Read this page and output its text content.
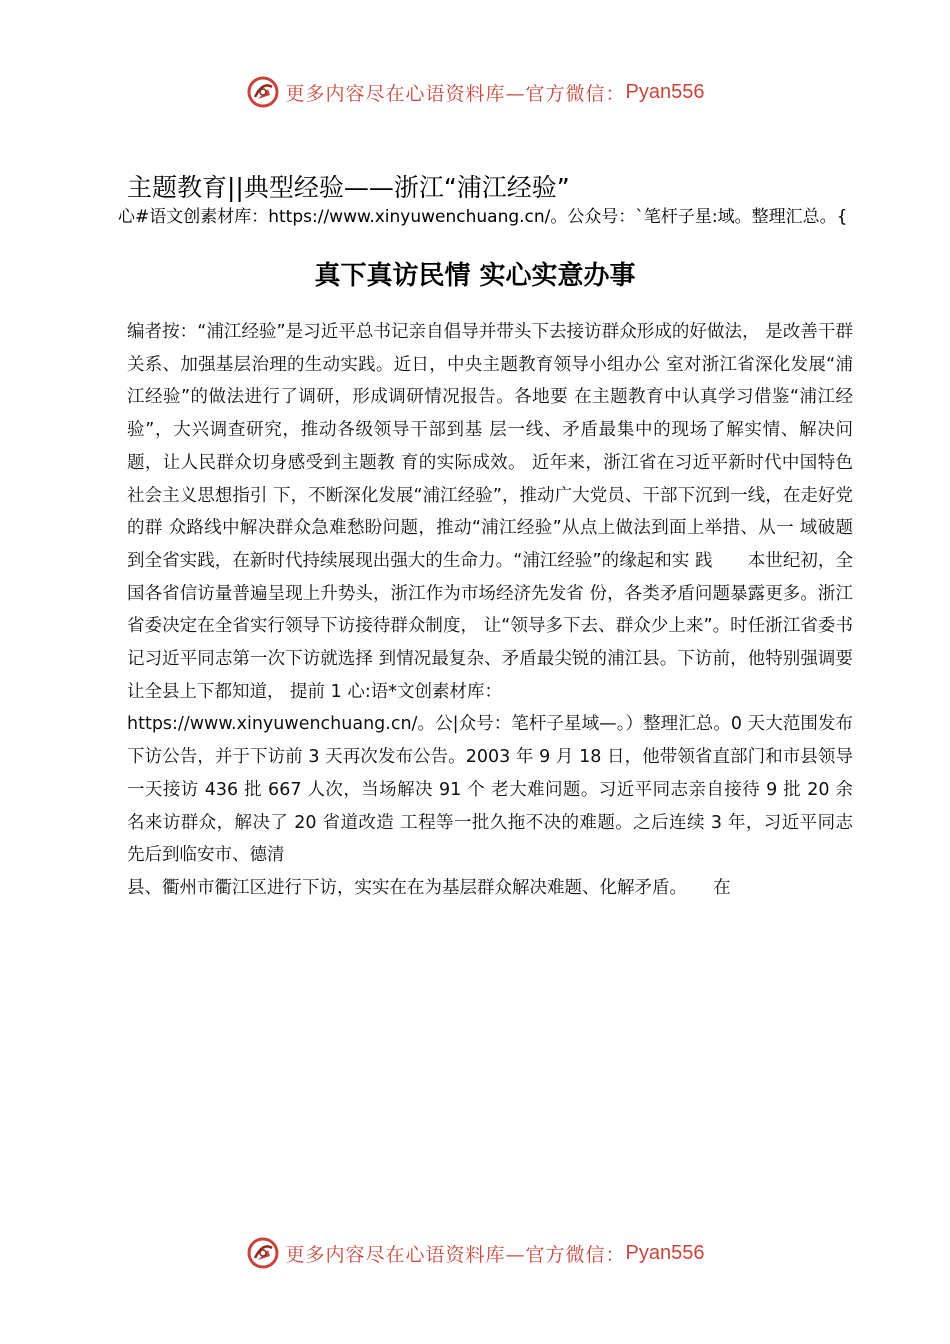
更多内容尽在心语资料库—官方微信： Pyan556
主题教育||典型经验——浙江“浦江经验”
心#语文创素材库：https://www.xinyuwenchuang.cn/。公众号：`笔杆子星:域。整理汇总。{
真下真访民情 实心实意办事

编者按：“浦江经验”是习近平总书记亲自倡导并带头下去接访群众形成的好做法， 是改善干群关系、加强基层治理的生动实践。近日，中央主题教育领导小组办公 室对浙江省深化发展“浦江经验”的做法进行了调研，形成调研情况报告。各地要 在主题教育中认真学习借鉴“浦江经验”，大兴调查研究，推动各级领导干部到基 层一线、矛盾最集中的现场了解实情、解决问题，让人民群众切身感受到主题教 育的实际成效。 近年来，浙江省在习近平新时代中国特色社会主义思想指引 下，不断深化发展“浦江经验”，推动广大党员、干部下沉到一线，在走好党的群 众路线中解决群众急难愁盼问题，推动“浦江经验”从点上做法到面上举措、从一 域破题到全省实践，在新时代持续展现出强大的生命力。“浦江经验”的缘起和实 践　　本世纪初，全国各省信访量普遍呈现上升势头，浙江作为市场经济先发省 份，各类矛盾问题暴露更多。浙江省委决定在全省实行领导下访接待群众制度， 让“领导多下去、群众少上来”。时任浙江省委书记习近平同志第一次下访就选择 到情况最复杂、矛盾最尖锐的浦江县。下访前，他特别强调要让全县上下都知道， 提前 1 心:语*文创素材库：

https://www.xinyuwenchuang.cn/。公|众号：笔杆子星域—。）整理汇总。0 天大范围发布下访公告，并于下访前 3 天再次发布公告。2003 年 9 月 18 日，他带领省直部门和市县领导一天接访 436 批 667 人次，当场解决 91 个 老大难问题。习近平同志亲自接待 9 批 20 余名来访群众，解决了 20 省道改造 工程等一批久拖不决的难题。之后连续 3 年，习近平同志先后到临安市、德清

县、衢州市衢江区进行下访，实实在在为基层群众解决难题、化解矛盾。　　在

更多内容尽在心语资料库—官方微信： Pyan556
